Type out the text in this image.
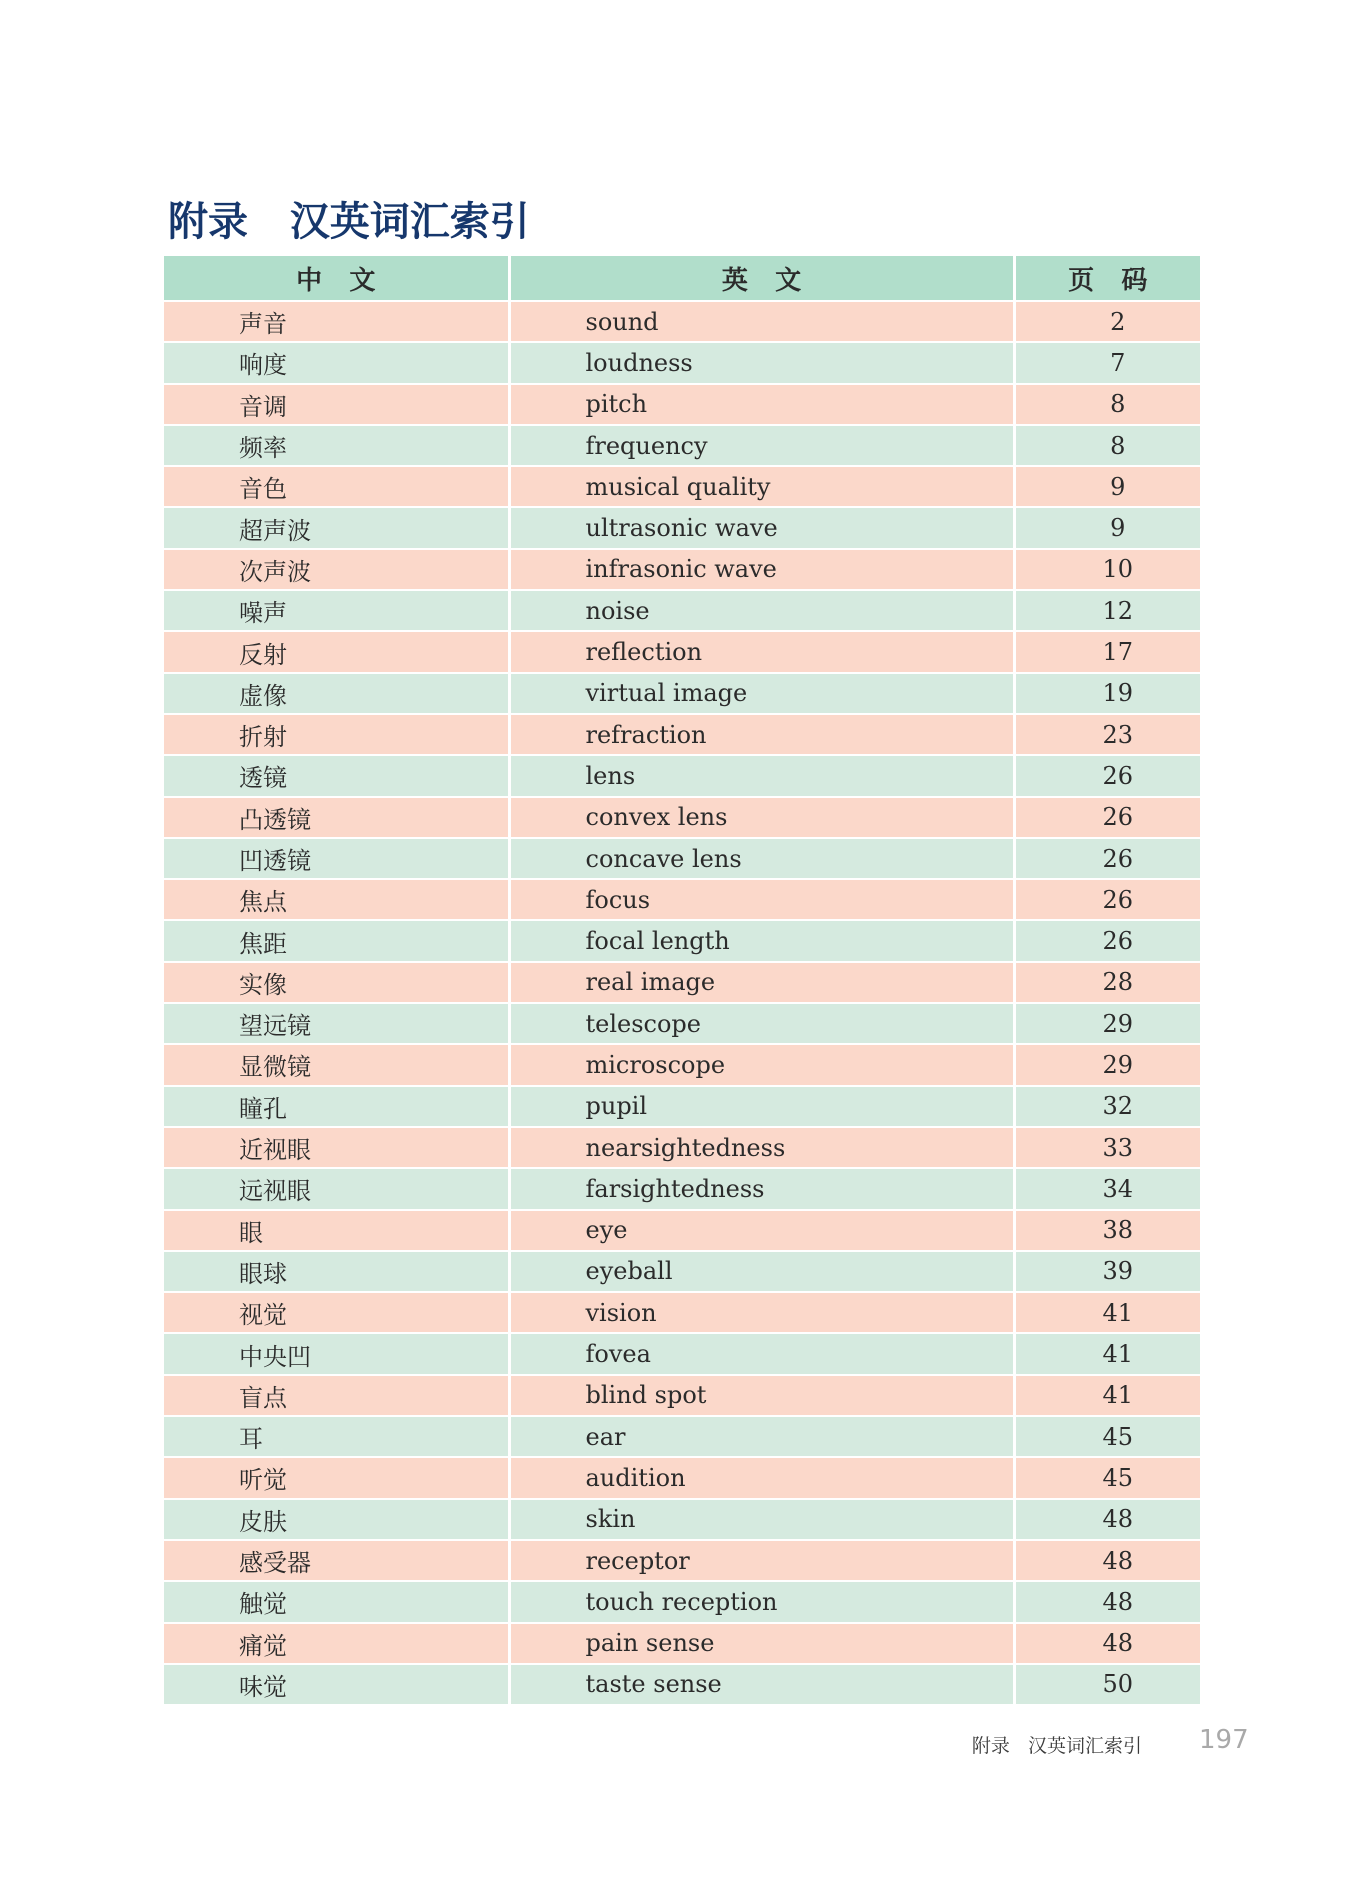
附录   汉英词汇索引
中   文	英   文	页   码
声音	sound	2
响度	loudness	7
音调	pitch	8
频率	frequency	8
音色	musical quality	9
超声波	ultrasonic wave	9
次声波	infrasonic wave	10
噪声	noise	12
反射	reflection	17
虚像	virtual image	19
折射	refraction	23
透镜	lens	26
凸透镜	convex lens	26
凹透镜	concave lens	26
焦点	focus	26
焦距	focal length	26
实像	real image	28
望远镜	telescope	29
显微镜	microscope	29
瞳孔	pupil	32
近视眼	nearsightedness	33
远视眼	farsightedness	34
眼	eye	38
眼球	eyeball	39
视觉	vision	41
中央凹	fovea	41
盲点	blind spot	41
耳	ear	45
听觉	audition	45
皮肤	skin	48
感受器	receptor	48
触觉	touch reception	48
痛觉	pain sense	48
味觉	taste sense	50
附录   汉英词汇索引 197
